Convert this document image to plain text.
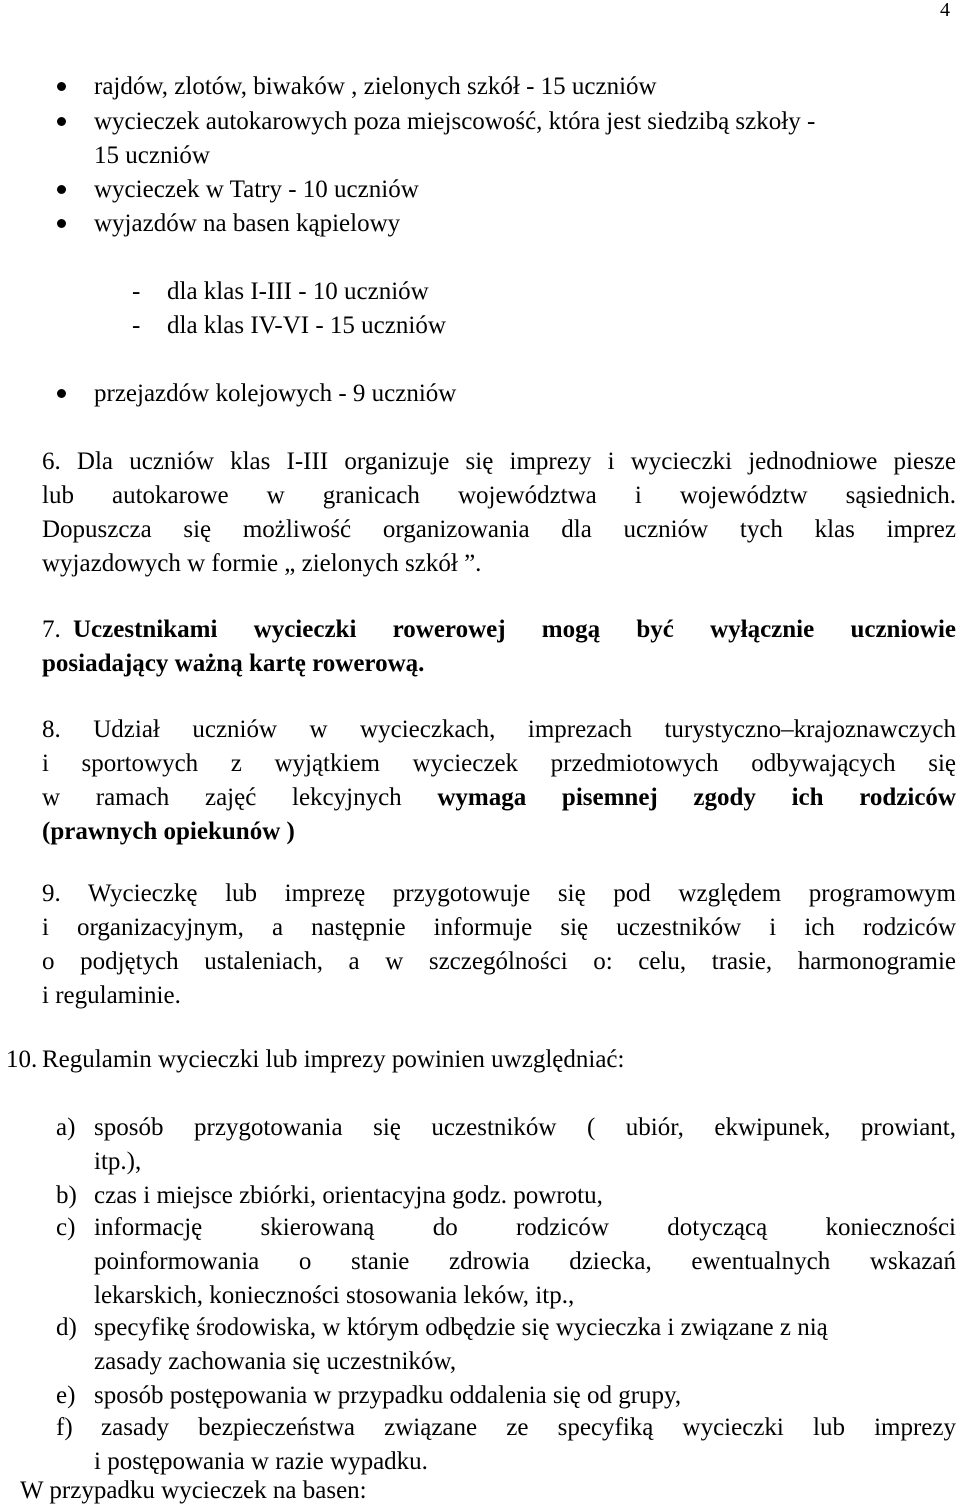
4
rajdów, zlotów, biwaków , zielonych szkół - 15 uczniów
wycieczek autokarowych poza miejscowość, która jest siedzibą szkoły -
15 uczniów
wycieczek w Tatry - 10 uczniów
wyjazdów na basen kąpielowy
- dla klas I-III - 10 uczniów
- dla klas IV-VI - 15 uczniów
przejazdów kolejowych - 9 uczniów
6. Dla uczniów klas I-III organizuje się imprezy i wycieczki jednodniowe piesze
lub autokarowe w granicach województwa i województw sąsiednich.
Dopuszcza się możliwość organizowania dla uczniów tych klas imprez
wyjazdowych w formie „ zielonych szkół ”.
7. Uczestnikami wycieczki rowerowej mogą być wyłącznie uczniowie
posiadający ważną kartę rowerową.
8. Udział uczniów w wycieczkach, imprezach turystyczno–krajoznawczych
i sportowych z wyjątkiem wycieczek przedmiotowych odbywających się
w ramach zajęć lekcyjnych wymaga pisemnej zgody ich rodziców
(prawnych opiekunów )
9. Wycieczkę lub imprezę przygotowuje się pod względem programowym
i organizacyjnym, a następnie informuje się uczestników i ich rodziców
o podjętych ustaleniach, a w szczególności o: celu, trasie, harmonogramie
i regulaminie.
10. Regulamin wycieczki lub imprezy powinien uwzględniać:
a) sposób przygotowania się uczestników ( ubiór, ekwipunek, prowiant,
itp.),
b) czas i miejsce zbiórki, orientacyjna godz. powrotu,
c) informację skierowaną do rodziców dotyczącą konieczności
poinformowania o stanie zdrowia dziecka, ewentualnych wskazań
lekarskich, konieczności stosowania leków, itp.,
d) specyfikę środowiska, w którym odbędzie się wycieczka i związane z nią
zasady zachowania się uczestników,
e) sposób postępowania w przypadku oddalenia się od grupy,
f) zasady bezpieczeństwa związane ze specyfiką wycieczki lub imprezy
i postępowania w razie wypadku.
W przypadku wycieczek na basen:
